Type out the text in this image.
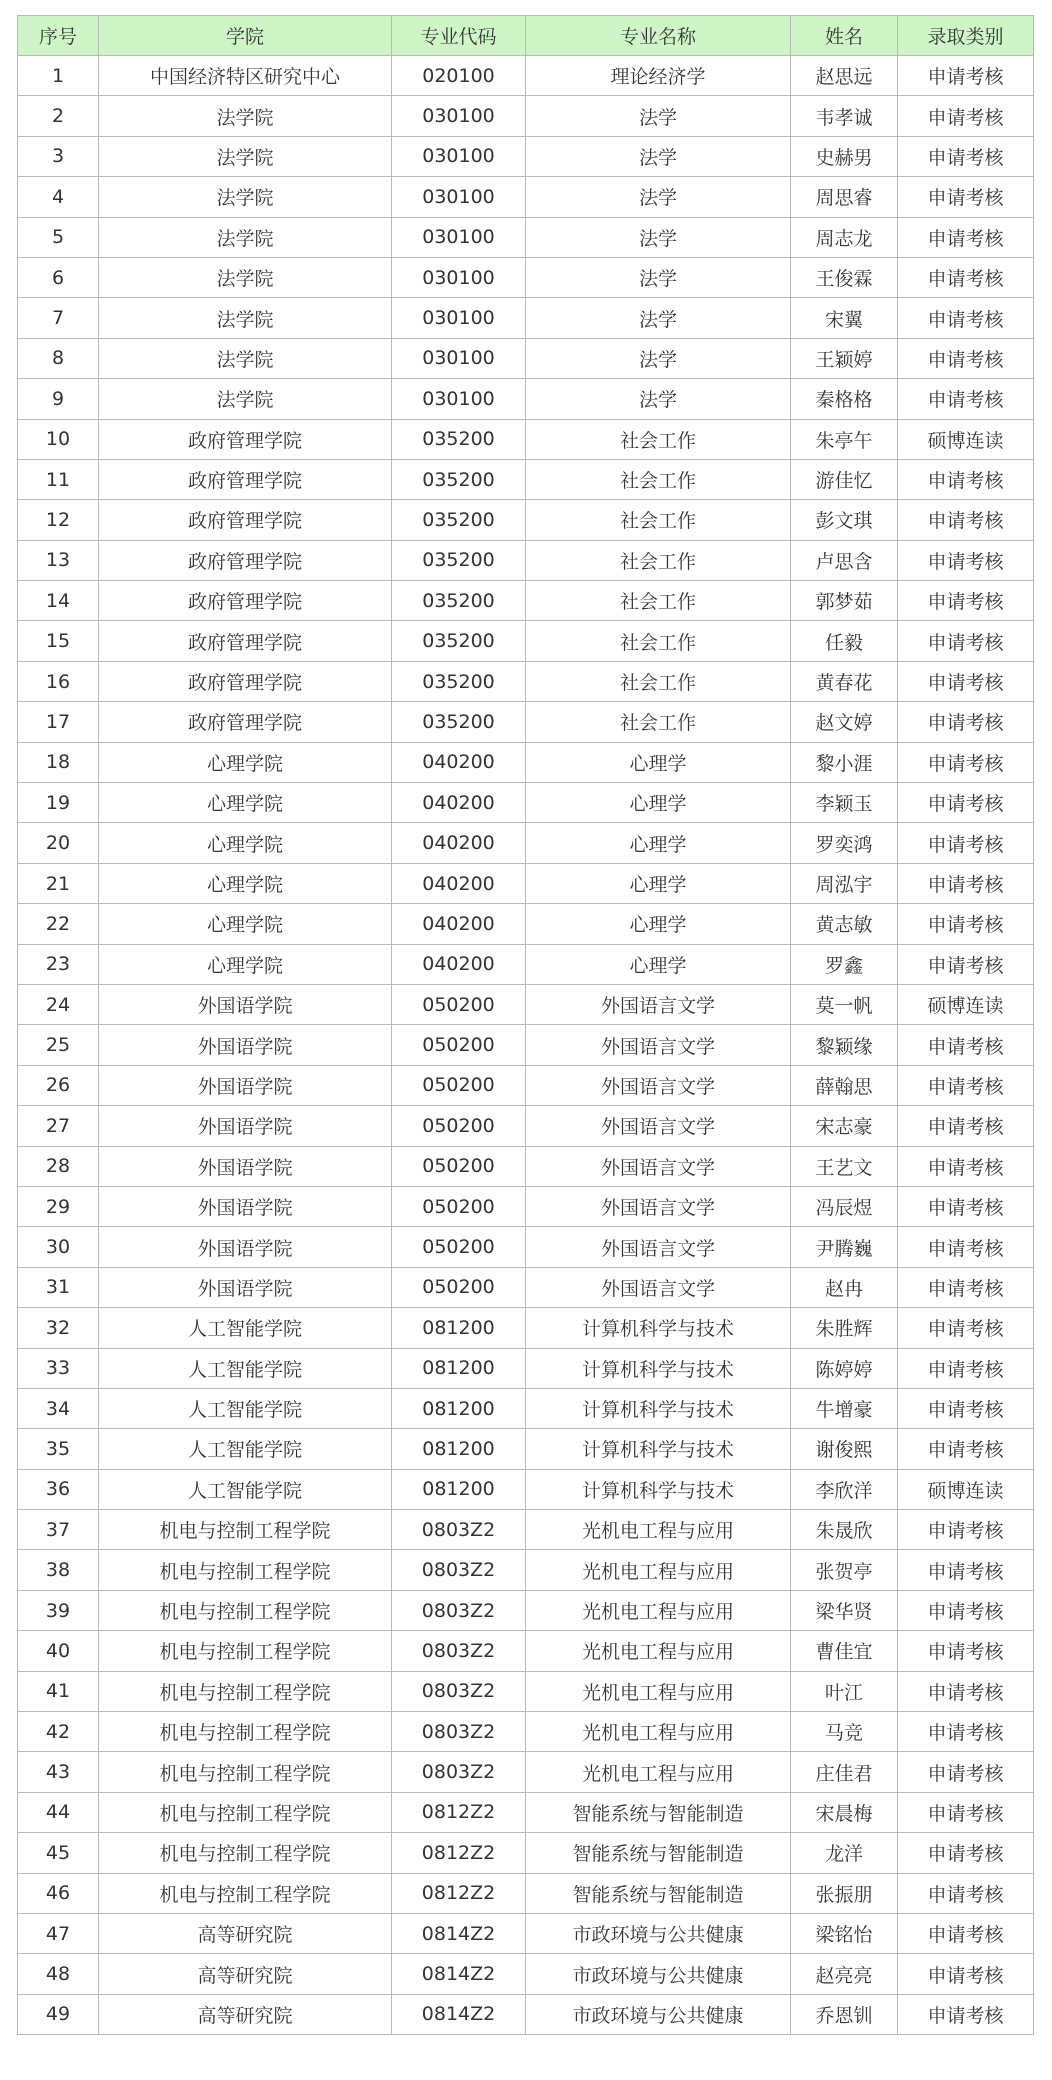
序号	学院	专业代码	专业名称	姓名	录取类别
1	中国经济特区研究中心	020100	理论经济学	赵思远	申请考核
2	法学院	030100	法学	韦孝诚	申请考核
3	法学院	030100	法学	史赫男	申请考核
4	法学院	030100	法学	周思睿	申请考核
5	法学院	030100	法学	周志龙	申请考核
6	法学院	030100	法学	王俊霖	申请考核
7	法学院	030100	法学	宋翼	申请考核
8	法学院	030100	法学	王颖婷	申请考核
9	法学院	030100	法学	秦格格	申请考核
10	政府管理学院	035200	社会工作	朱亭午	硕博连读
11	政府管理学院	035200	社会工作	游佳忆	申请考核
12	政府管理学院	035200	社会工作	彭文琪	申请考核
13	政府管理学院	035200	社会工作	卢思含	申请考核
14	政府管理学院	035200	社会工作	郭梦茹	申请考核
15	政府管理学院	035200	社会工作	任毅	申请考核
16	政府管理学院	035200	社会工作	黄春花	申请考核
17	政府管理学院	035200	社会工作	赵文婷	申请考核
18	心理学院	040200	心理学	黎小涯	申请考核
19	心理学院	040200	心理学	李颖玉	申请考核
20	心理学院	040200	心理学	罗奕鸿	申请考核
21	心理学院	040200	心理学	周泓宇	申请考核
22	心理学院	040200	心理学	黄志敏	申请考核
23	心理学院	040200	心理学	罗鑫	申请考核
24	外国语学院	050200	外国语言文学	莫一帆	硕博连读
25	外国语学院	050200	外国语言文学	黎颖缘	申请考核
26	外国语学院	050200	外国语言文学	薛翰思	申请考核
27	外国语学院	050200	外国语言文学	宋志豪	申请考核
28	外国语学院	050200	外国语言文学	王艺文	申请考核
29	外国语学院	050200	外国语言文学	冯辰煜	申请考核
30	外国语学院	050200	外国语言文学	尹腾巍	申请考核
31	外国语学院	050200	外国语言文学	赵冉	申请考核
32	人工智能学院	081200	计算机科学与技术	朱胜辉	申请考核
33	人工智能学院	081200	计算机科学与技术	陈婷婷	申请考核
34	人工智能学院	081200	计算机科学与技术	牛增豪	申请考核
35	人工智能学院	081200	计算机科学与技术	谢俊熙	申请考核
36	人工智能学院	081200	计算机科学与技术	李欣洋	硕博连读
37	机电与控制工程学院	0803Z2	光机电工程与应用	朱晟欣	申请考核
38	机电与控制工程学院	0803Z2	光机电工程与应用	张贺亭	申请考核
39	机电与控制工程学院	0803Z2	光机电工程与应用	梁华贤	申请考核
40	机电与控制工程学院	0803Z2	光机电工程与应用	曹佳宜	申请考核
41	机电与控制工程学院	0803Z2	光机电工程与应用	叶江	申请考核
42	机电与控制工程学院	0803Z2	光机电工程与应用	马竞	申请考核
43	机电与控制工程学院	0803Z2	光机电工程与应用	庄佳君	申请考核
44	机电与控制工程学院	0812Z2	智能系统与智能制造	宋晨梅	申请考核
45	机电与控制工程学院	0812Z2	智能系统与智能制造	龙洋	申请考核
46	机电与控制工程学院	0812Z2	智能系统与智能制造	张振朋	申请考核
47	高等研究院	0814Z2	市政环境与公共健康	梁铭怡	申请考核
48	高等研究院	0814Z2	市政环境与公共健康	赵亮亮	申请考核
49	高等研究院	0814Z2	市政环境与公共健康	乔恩钏	申请考核
